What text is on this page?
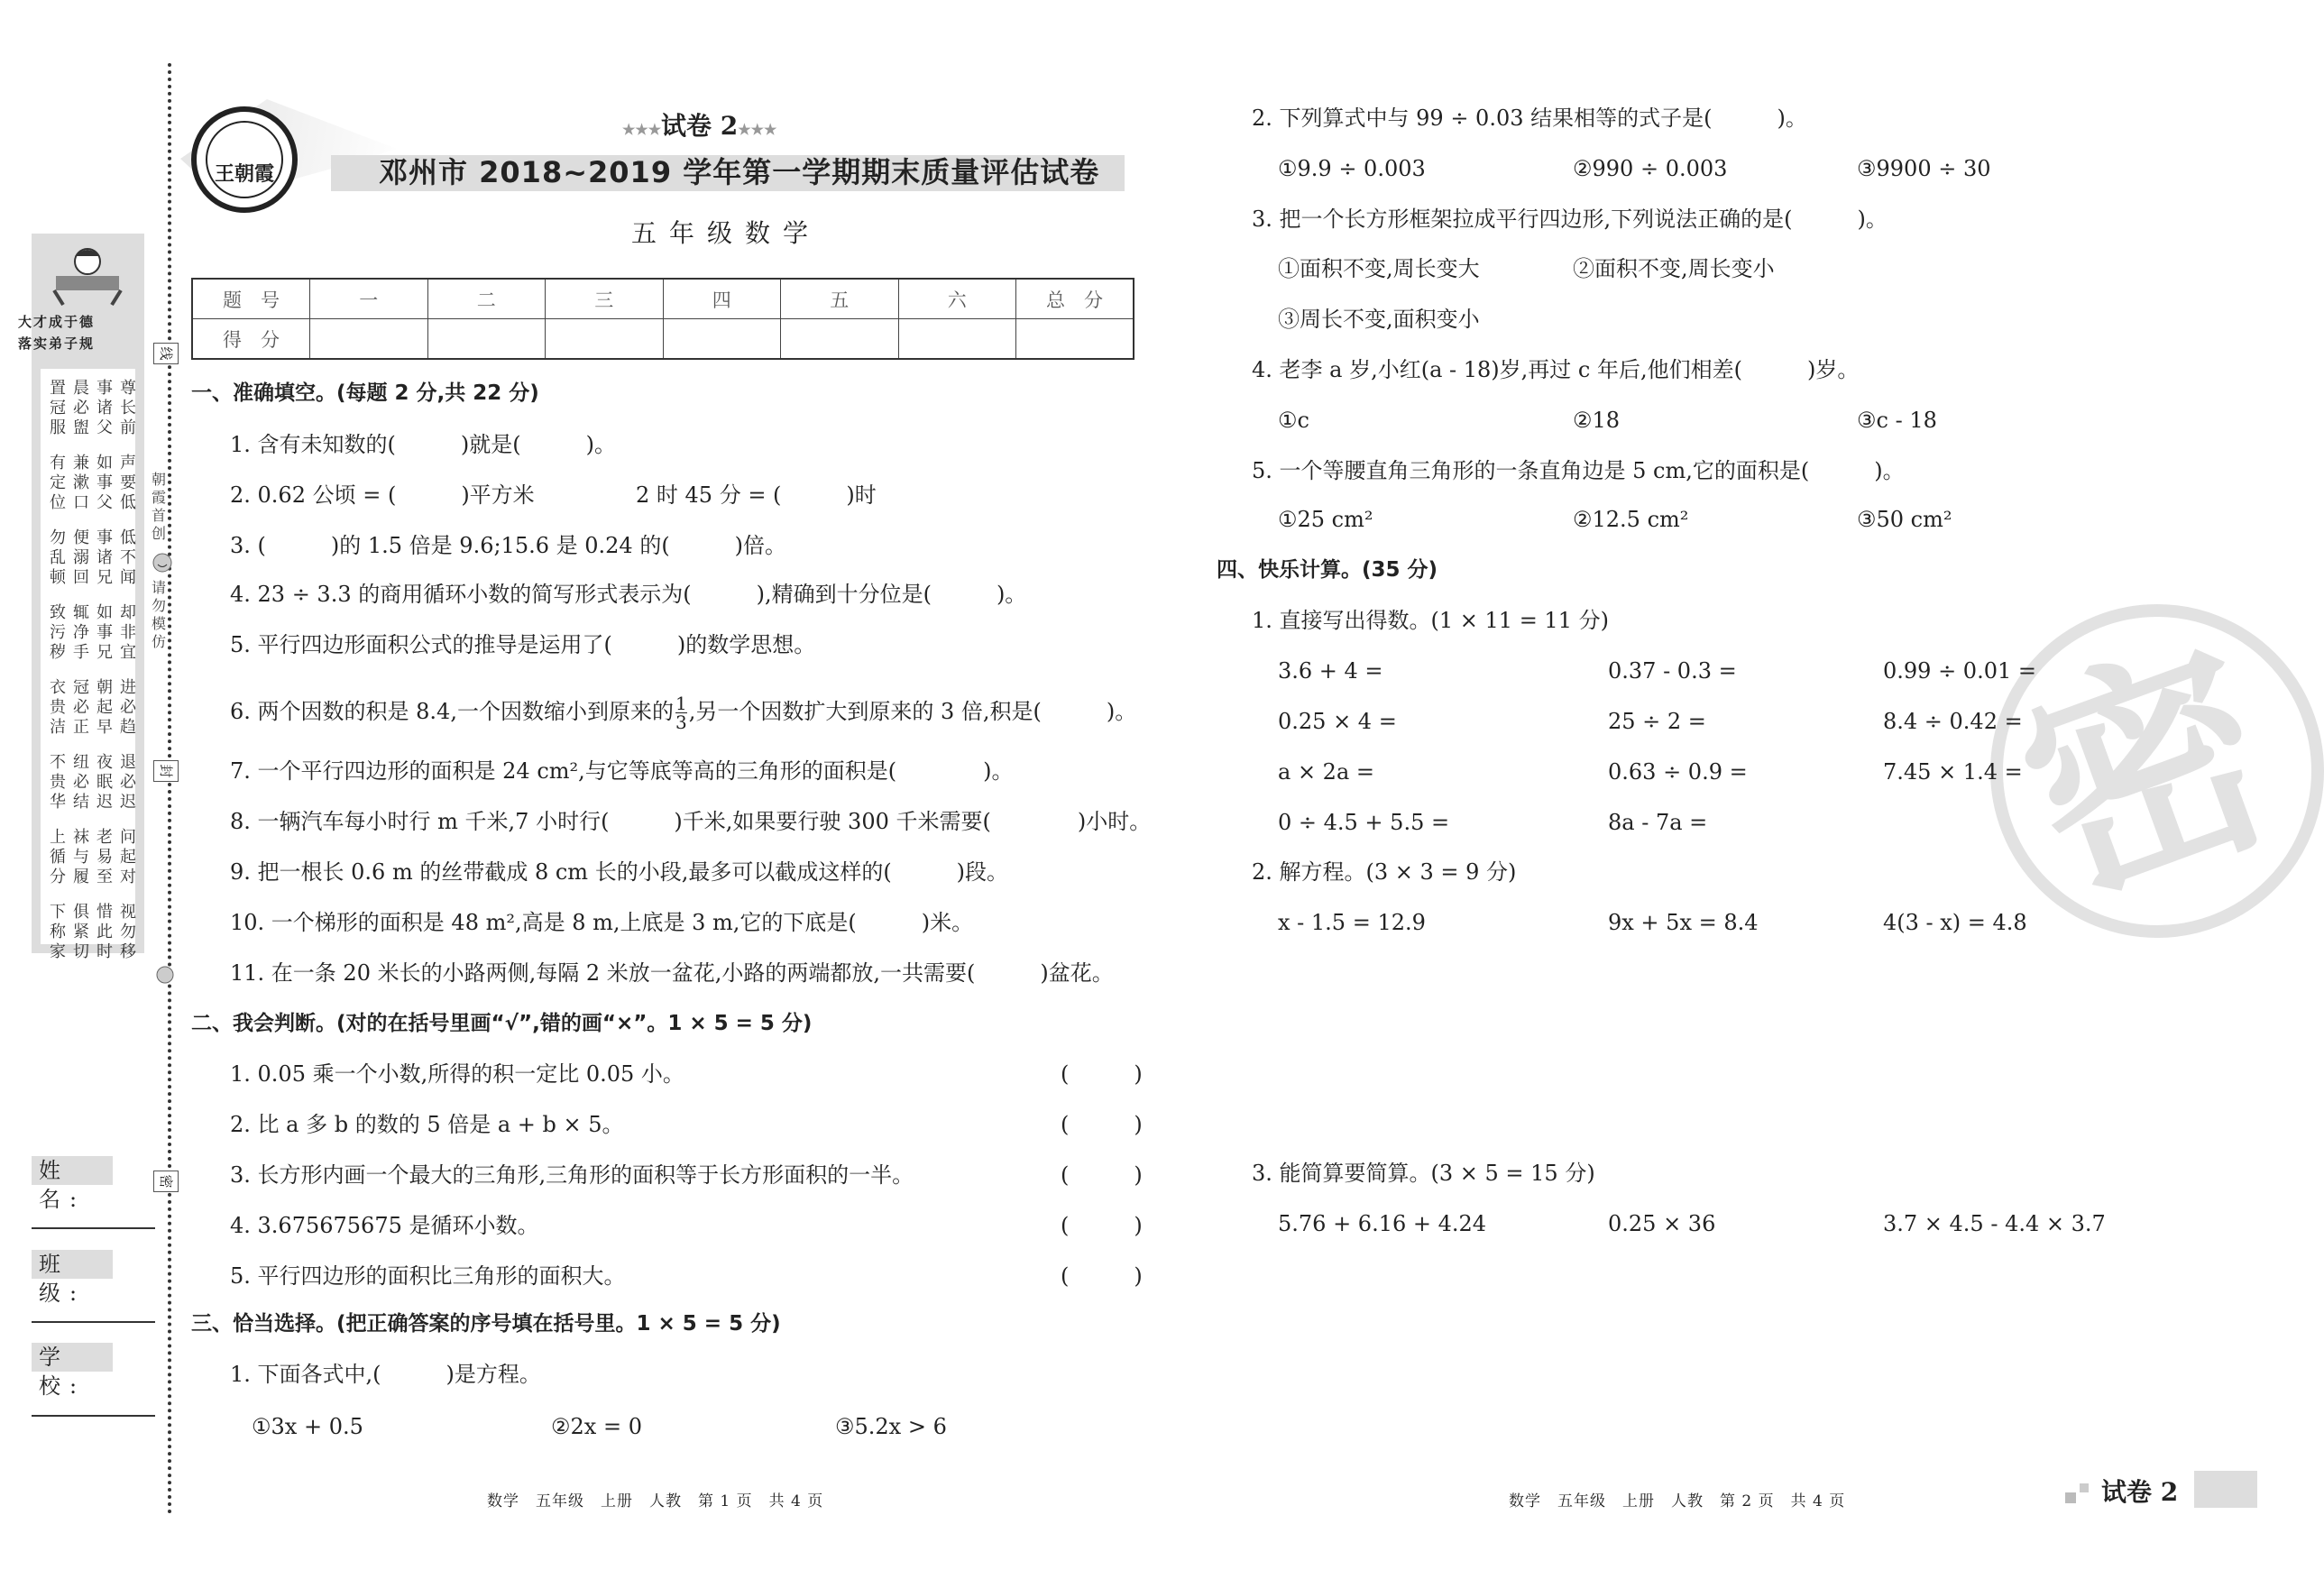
大才成于德
落实弟子规
朝霞首创
请勿模仿
线
封
密
姓 名:
班 级:
学 校:
王朝霞
★★★试卷 2★★★
邓州市 2018~2019 学年第一学期期末质量评估试卷
五年级数学
题　号	一	二	三	四	五	六	总　分
得　分							
6. 两个因数的积是 8.4,一个因数缩小到原来的 $\frac{1}{3}$ ,另一个因数扩大到原来的 3 倍,积是(　　　)。	密
试卷 2
置晨事尊
冠必诸长
服盥父前
有兼如声
定漱事要
位口父低
勿便事低
乱溺诸不
顿回兄闻
致辄如却
污净事非
秽手兄宜
衣冠朝进
贵必起必
洁正早趋
不纽夜退
贵必眠必
华结迟迟
上袜老问
循与易起
分履至对
下俱惜视
称紧此勿
家切时移
一、准确填空。(每题 2 分,共 22 分)
1. 含有未知数的(　　　)就是(　　　)。
2. 0.62 公顷 = (　　　)平方米	2 时 45 分 = (　　　)时
3. (　　　)的 1.5 倍是 9.6;15.6 是 0.24 的(　　　)倍。
4. 23 ÷ 3.3 的商用循环小数的简写形式表示为(　　　),精确到十分位是(　　　)。
5. 平行四边形面积公式的推导是运用了(　　　)的数学思想。
7. 一个平行四边形的面积是 24 cm²,与它等底等高的三角形的面积是(　　　　)。
8. 一辆汽车每小时行 m 千米,7 小时行(　　　)千米,如果要行驶 300 千米需要(　　　　)小时。
9. 把一根长 0.6 m 的丝带截成 8 cm 长的小段,最多可以截成这样的(　　　)段。
10. 一个梯形的面积是 48 m²,高是 8 m,上底是 3 m,它的下底是(　　　)米。
11. 在一条 20 米长的小路两侧,每隔 2 米放一盆花,小路的两端都放,一共需要(　　　)盆花。
二、我会判断。(对的在括号里画“√”,错的画“×”。1 × 5 = 5 分)
1. 0.05 乘一个小数,所得的积一定比 0.05 小。	(　　　)
2. 比 a 多 b 的数的 5 倍是 a + b × 5。	(　　　)
3. 长方形内画一个最大的三角形,三角形的面积等于长方形面积的一半。	(　　　)
4. 3.675675675 是循环小数。	(　　　)
5. 平行四边形的面积比三角形的面积大。	(　　　)
三、恰当选择。(把正确答案的序号填在括号里。1 × 5 = 5 分)
1. 下面各式中,(　　　)是方程。
①3x + 0.5	②2x = 0	③5.2x > 6
数学　五年级　上册　人教　第 1 页　共 4 页
2. 下列算式中与 99 ÷ 0.03 结果相等的式子是(　　　)。
①9.9 ÷ 0.003	②990 ÷ 0.003	③9900 ÷ 30
3. 把一个长方形框架拉成平行四边形,下列说法正确的是(　　　)。
①面积不变,周长变大	②面积不变,周长变小
③周长不变,面积变小
4. 老李 a 岁,小红(a - 18)岁,再过 c 年后,他们相差(　　　)岁。
①c	②18	③c - 18
5. 一个等腰直角三角形的一条直角边是 5 cm,它的面积是(　　　)。
①25 cm²	②12.5 cm²	③50 cm²
四、快乐计算。(35 分)
1. 直接写出得数。(1 × 11 = 11 分)
3.6 + 4 =	0.37 - 0.3 =	0.99 ÷ 0.01 =
0.25 × 4 =	25 ÷ 2 =	8.4 ÷ 0.42 =
a × 2a =	0.63 ÷ 0.9 =	7.45 × 1.4 =
0 ÷ 4.5 + 5.5 =	8a - 7a =
2. 解方程。(3 × 3 = 9 分)
x - 1.5 = 12.9	9x + 5x = 8.4	4(3 - x) = 4.8
3. 能简算要简算。(3 × 5 = 15 分)
5.76 + 6.16 + 4.24	0.25 × 36	3.7 × 4.5 - 4.4 × 3.7
数学　五年级　上册　人教　第 2 页　共 4 页
